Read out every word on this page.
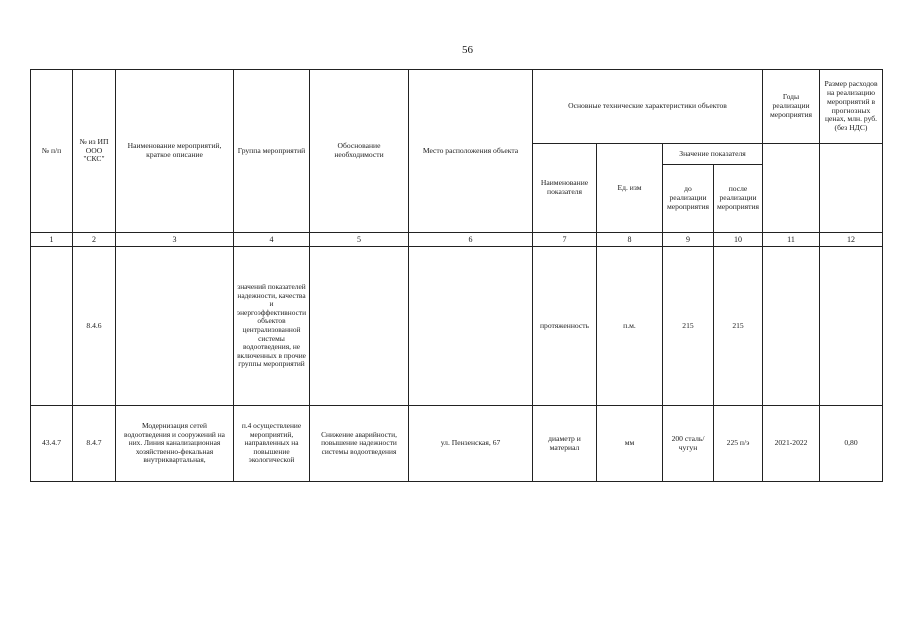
56
№ п/п	№ из ИП ООО "СКС"	Наименование мероприятий, краткое описание	Группа мероприятий	Обоснование необходимости	Место расположения объекта	Основные технические характеристики объектов				Годы реализации мероприятия	Размер расходов на реализацию мероприятий в прогнозных ценах, млн. руб. (без НДС)
						Наименование показателя	Ед. изм	Значение показателя			
								до реализации мероприятия	после реализации мероприятия		
1	2	3	4	5	6	7	8	9	10	11	12
	8.4.6		значений показателей надежности, качества и энергоэффективности объектов централизованной системы водоотведения, не включенных в прочие группы мероприятий			протяженность	п.м.	215	215		
43.4.7	8.4.7	Модернизация сетей водоотведения и сооружений на них. Линия канализационная хозяйственно-фекальная внутриквартальная,	п.4 осуществление мероприятий, направленных на повышение экологической	Снижение аварийности, повышение надежности системы водоотведения	ул. Пензенская, 67	диаметр и материал	мм	200 сталь/чугун	225 п/э	2021-2022	0,80
